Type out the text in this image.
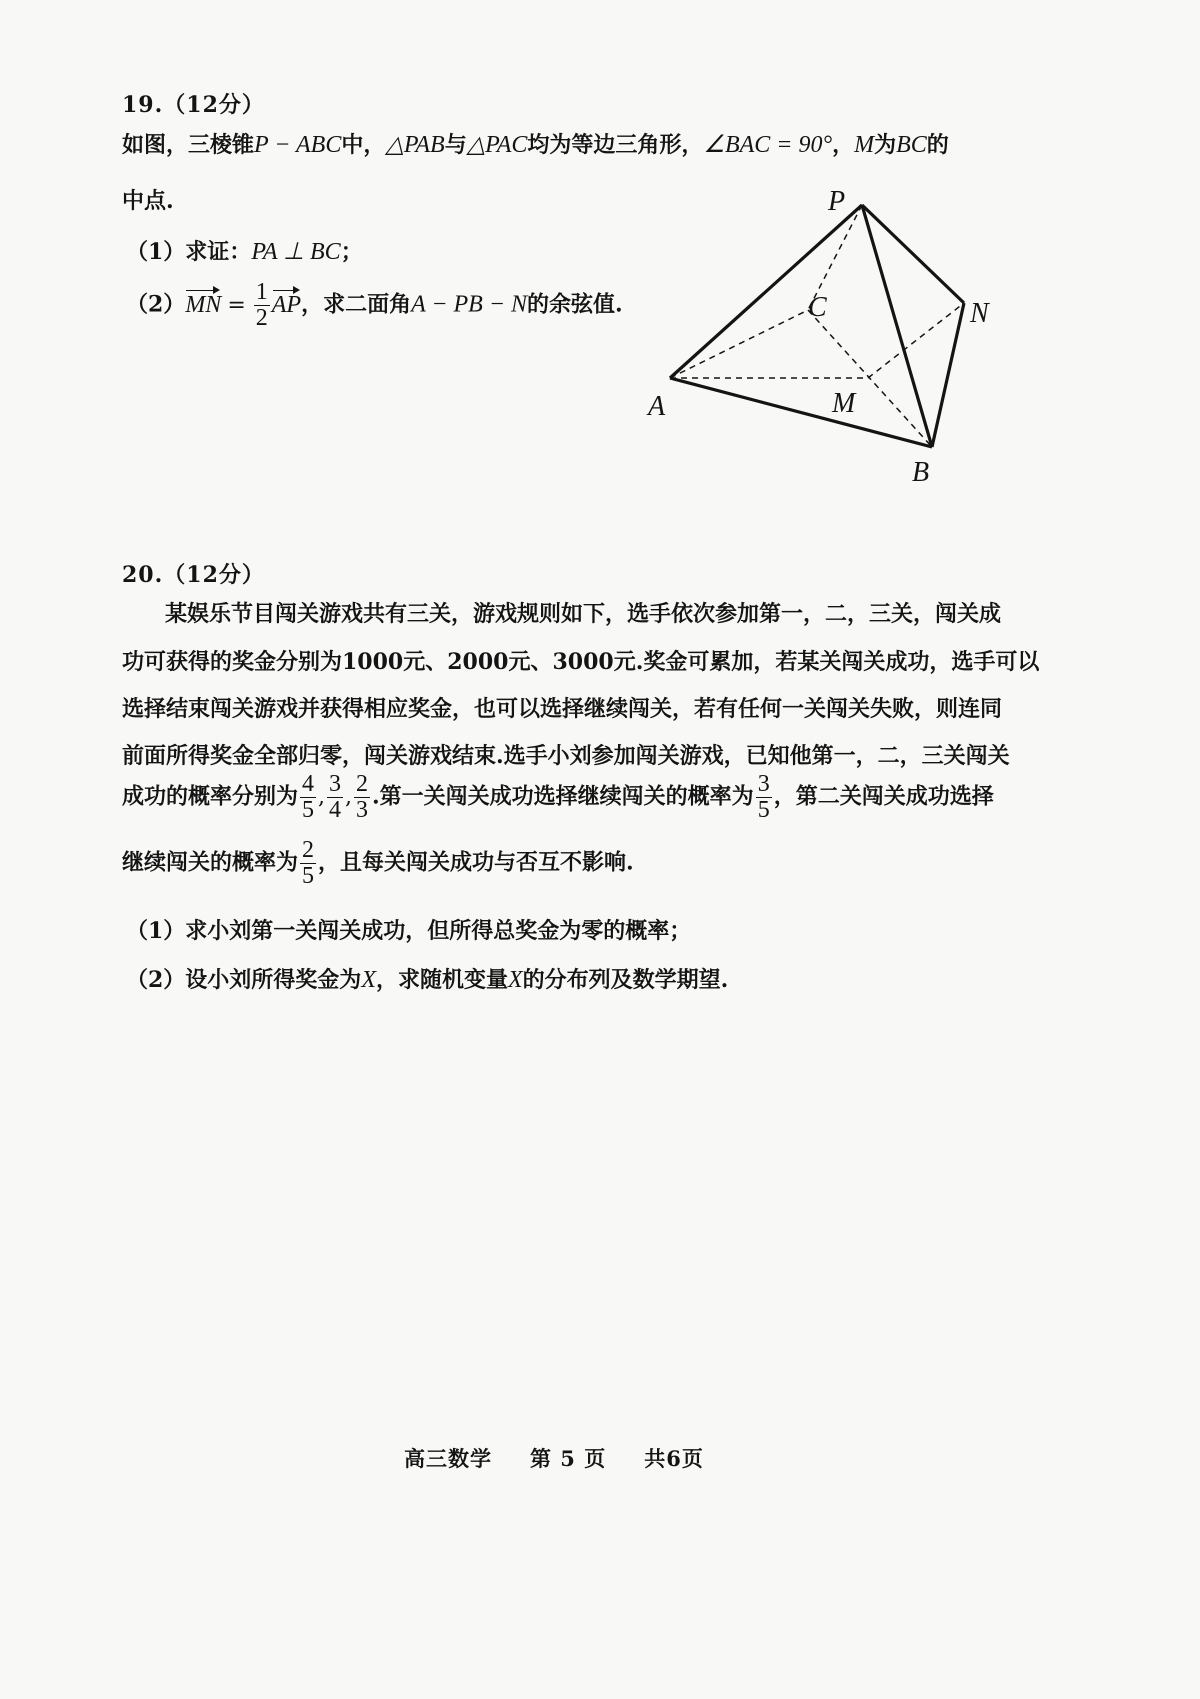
19.（12分）
如图，三棱锥P − ABC中，△PAB与△PAC均为等边三角形，∠BAC = 90°，M为BC的
中点.
（1）求证：PA ⊥ BC；
$(2)MN = \frac{1}{2}$ AP，求二面角A − PB − N的余弦值.
P
C	N
A	M
B
20.（12分）
某娱乐节目闯关游戏共有三关，游戏规则如下，选手依次参加第一，二，三关，闯关成
功可获得的奖金分别为1000元、2000元、3000元.奖金可累加，若某关闯关成功，选手可以
选择结束闯关游戏并获得相应奖金，也可以选择继续闯关，若有任何一关闯关失败，则连同
前面所得奖金全部归零，闯关游戏结束.选手小刘参加闯关游戏，已知他第一，二，三关闯关
成功的概率分别为 $\frac{4}{5}$ , $\frac{3}{4}$ , $\frac{2}{3}$ .第一关闯关成功选择继续闯关的概率为 $\frac{3}{5}$ ，第二关闯关成功选择
继续闯关的概率为 $\frac{2}{5}$ ，且每关闯关成功与否互不影响.
（1）求小刘第一关闯关成功，但所得总奖金为零的概率；
（2）设小刘所得奖金为X，求随机变量X的分布列及数学期望.
高三数学 第 5 页 共6页
